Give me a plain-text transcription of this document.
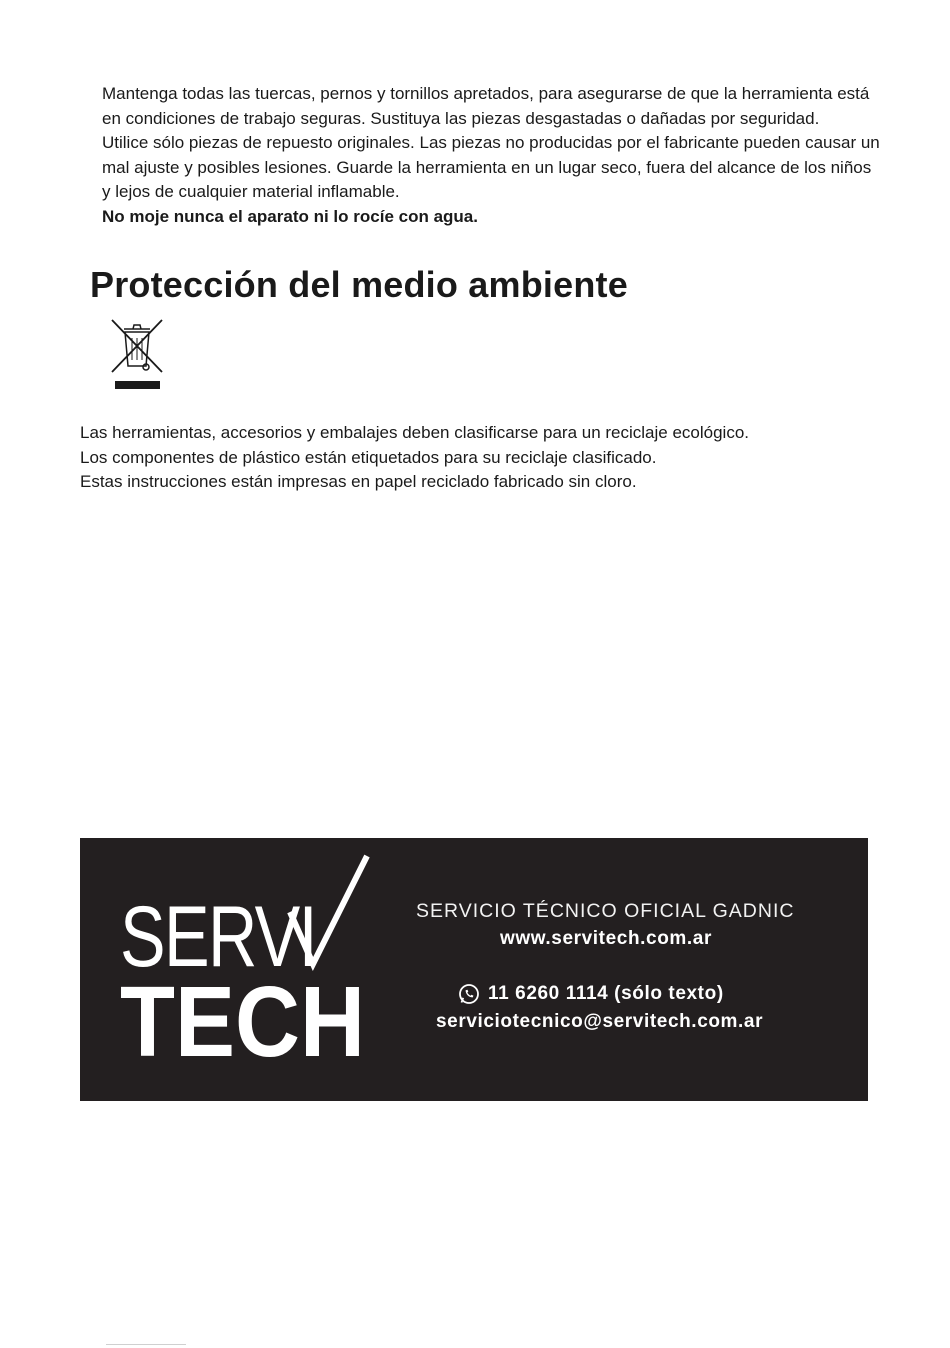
Mantenga todas las tuercas, pernos y tornillos apretados, para asegurarse de que la herramienta está en condiciones de trabajo seguras. Sustituya las piezas desgastadas o dañadas por seguridad.

Utilice sólo piezas de repuesto originales. Las piezas no producidas por el fabricante pueden causar un mal ajuste y posibles lesiones. Guarde la herramienta en un lugar seco, fuera del alcance de los niños y lejos de cualquier material inflamable.

No moje nunca el aparato ni lo rocíe con agua.

Protección del medio ambiente

Las herramientas, accesorios y embalajes deben clasificarse para un reciclaje ecológico.

Los componentes de plástico están etiquetados para su reciclaje clasificado.

Estas instrucciones están impresas en papel reciclado fabricado sin cloro.

SERVI
TECH
SERVICIO TÉCNICO OFICIAL GADNIC
www.servitech.com.ar
11 6260 1114 (sólo texto)
serviciotecnico@servitech.com.ar
